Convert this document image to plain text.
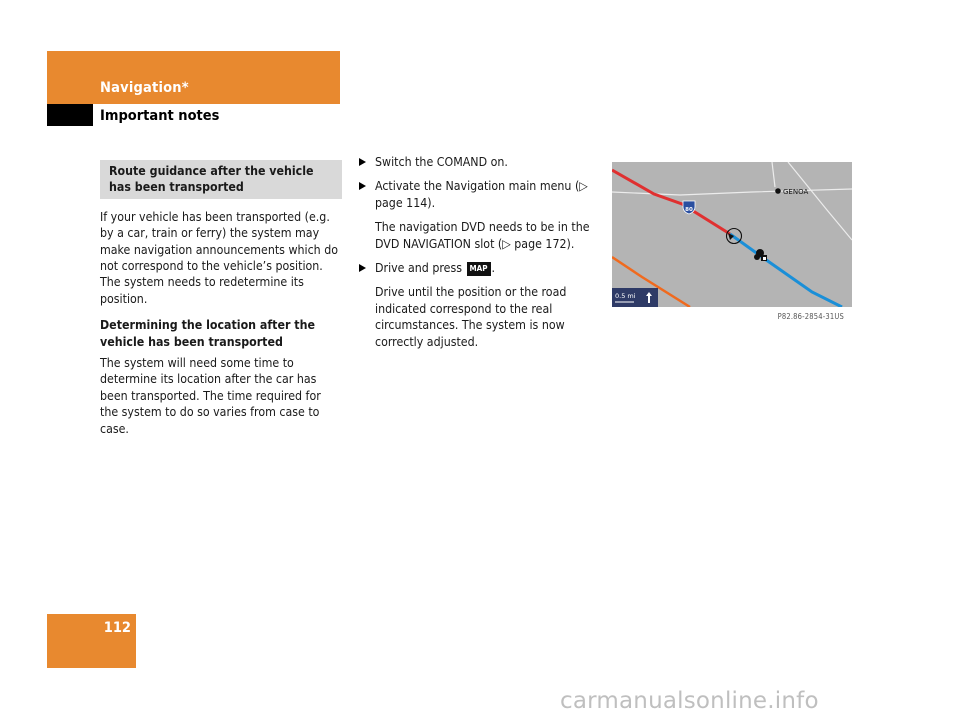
Navigation*
Important notes
Route guidance after the vehicle has been transported

If your vehicle has been transported (e.g. by a car, train or ferry) the system may make navigation announcements which do not correspond to the vehicle’s position. The system needs to redetermine its position.

Determining the location after the vehicle has been transported

The system will need some time to determine its location after the car has been transported. The time required for the system to do so varies from case to case.

Switch the COMAND on.
Activate the Navigation main menu (▷ page 114).
The navigation DVD needs to be in the DVD NAVIGATION slot (▷ page 172).
Drive and press MAP .
Drive until the position or the road indicated correspond to the real circumstances. The system is now correctly adjusted.
80
GENOA
0.5 mi
P82.86-2854-31US
112
carmanualsonline.info
